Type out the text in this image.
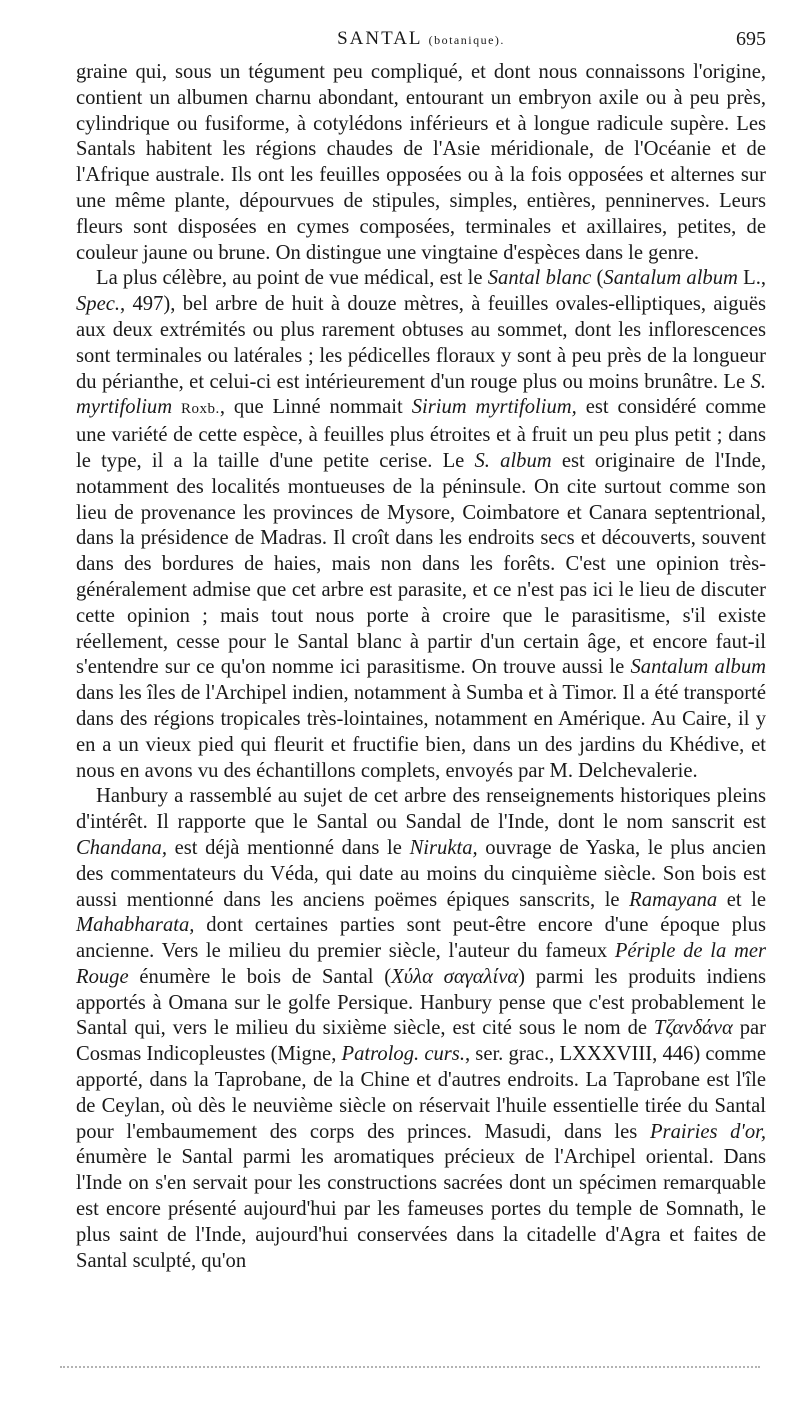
SANTAL (botanique).	695

graine qui, sous un tégument peu compliqué, et dont nous connaissons l'origine, contient un albumen charnu abondant, entourant un embryon axile ou à peu près, cylindrique ou fusiforme, à cotylédons inférieurs et à longue radicule supère. Les Santals habitent les régions chaudes de l'Asie méridionale, de l'Océanie et de l'Afrique australe. Ils ont les feuilles opposées ou à la fois opposées et alternes sur une même plante, dépourvues de stipules, simples, entières, penninerves. Leurs fleurs sont disposées en cymes composées, terminales et axillaires, petites, de couleur jaune ou brune. On distingue une vingtaine d'espèces dans le genre.

La plus célèbre, au point de vue médical, est le Santal blanc (Santalum album L., Spec., 497), bel arbre de huit à douze mètres, à feuilles ovales-elliptiques, aiguës aux deux extrémités ou plus rarement obtuses au sommet, dont les inflorescences sont terminales ou latérales ; les pédicelles floraux y sont à peu près de la longueur du périanthe, et celui-ci est intérieurement d'un rouge plus ou moins brunâtre. Le S. myrtifolium Roxb., que Linné nommait Sirium myrtifolium, est considéré comme une variété de cette espèce, à feuilles plus étroites et à fruit un peu plus petit ; dans le type, il a la taille d'une petite cerise. Le S. album est originaire de l'Inde, notamment des localités montueuses de la péninsule. On cite surtout comme son lieu de provenance les provinces de Mysore, Coimbatore et Canara septentrional, dans la présidence de Madras. Il croît dans les endroits secs et découverts, souvent dans des bordures de haies, mais non dans les forêts. C'est une opinion très-généralement admise que cet arbre est parasite, et ce n'est pas ici le lieu de discuter cette opinion ; mais tout nous porte à croire que le parasitisme, s'il existe réellement, cesse pour le Santal blanc à partir d'un certain âge, et encore faut-il s'entendre sur ce qu'on nomme ici parasitisme. On trouve aussi le Santalum album dans les îles de l'Archipel indien, notamment à Sumba et à Timor. Il a été transporté dans des régions tropicales très-lointaines, notamment en Amérique. Au Caire, il y en a un vieux pied qui fleurit et fructifie bien, dans un des jardins du Khédive, et nous en avons vu des échantillons complets, envoyés par M. Delchevalerie.

Hanbury a rassemblé au sujet de cet arbre des renseignements historiques pleins d'intérêt. Il rapporte que le Santal ou Sandal de l'Inde, dont le nom sanscrit est Chandana, est déjà mentionné dans le Nirukta, ouvrage de Yaska, le plus ancien des commentateurs du Véda, qui date au moins du cinquième siècle. Son bois est aussi mentionné dans les anciens poëmes épiques sanscrits, le Ramayana et le Mahabharata, dont certaines parties sont peut-être encore d'une époque plus ancienne. Vers le milieu du premier siècle, l'auteur du fameux Périple de la mer Rouge énumère le bois de Santal (Χύλα σαγαλίνα) parmi les produits indiens apportés à Omana sur le golfe Persique. Hanbury pense que c'est probablement le Santal qui, vers le milieu du sixième siècle, est cité sous le nom de Τζανδάνα par Cosmas Indicopleustes (Migne, Patrolog. curs., ser. grac., LXXXVIII, 446) comme apporté, dans la Taprobane, de la Chine et d'autres endroits. La Taprobane est l'île de Ceylan, où dès le neuvième siècle on réservait l'huile essentielle tirée du Santal pour l'embaumement des corps des princes. Masudi, dans les Prairies d'or, énumère le Santal parmi les aromatiques précieux de l'Archipel oriental. Dans l'Inde on s'en servait pour les constructions sacrées dont un spécimen remarquable est encore présenté aujourd'hui par les fameuses portes du temple de Somnath, le plus saint de l'Inde, aujourd'hui conservées dans la citadelle d'Agra et faites de Santal sculpté, qu'on
